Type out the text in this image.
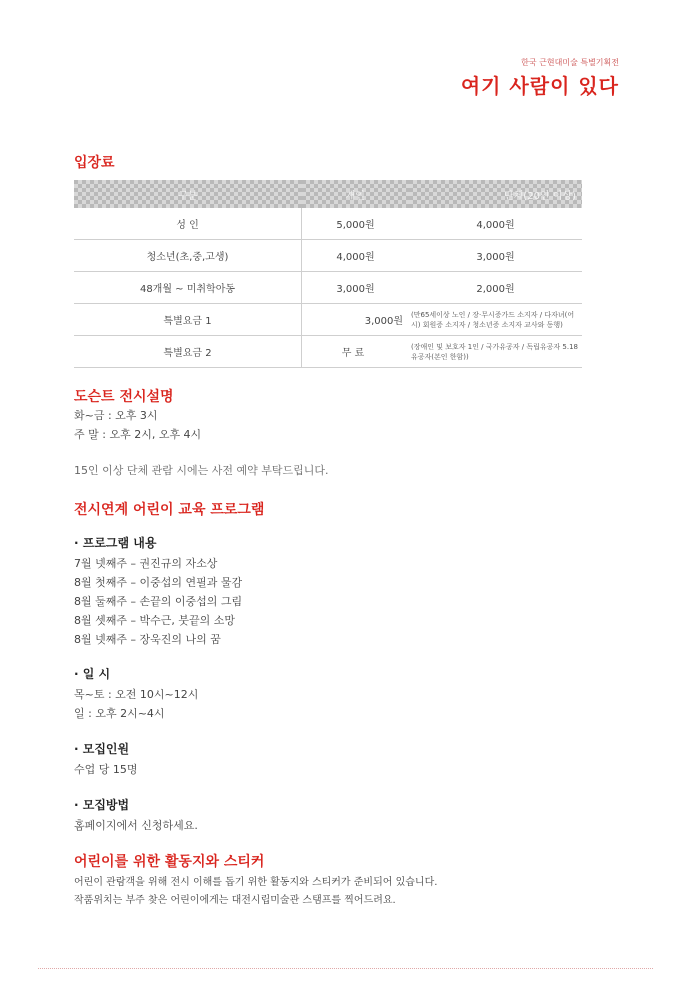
한국 근현대미술 특별기획전
여기 사람이 있다
입장료
구분	개인	단체(20인 이상)
성 인	5,000원	4,000원
청소년(초,중,고생)	4,000원	3,000원
48개월 ~ 미취학아동	3,000원	2,000원
특별요금 1	3,000원	(만65세이상 노인 / 장·무시증가드 소지자 / 다자녀(어시) 회원증 소지자 / 청소년증 소지자 교사와 동행)
특별요금 2	무 료	(장애인 및 보호자 1인 / 국가유공자 / 독립유공자 5.18 유공자(본인 한함))
도슨트 전시설명
화~금 : 오후 3시
주 말 : 오후 2시, 오후 4시
15인 이상 단체 관람 시에는 사전 예약 부탁드립니다.
전시연계 어린이 교육 프로그램
· 프로그램 내용
7월 넷째주 – 권진규의 자소상
8월 첫째주 – 이중섭의 연필과 물감
8월 둘째주 – 손끝의 이중섭의 그림
8월 셋째주 – 박수근, 붓끝의 소망
8월 넷째주 – 장욱진의 나의 꿈
· 일 시
목~토 : 오전 10시~12시
일 : 오후 2시~4시
· 모집인원
수업 당 15명
· 모집방법
홈페이지에서 신청하세요.
어린이를 위한 활동지와 스티커
어린이 관람객을 위해 전시 이해를 돕기 위한 활동지와 스티커가 준비되어 있습니다.
작품위치는 부주 찾은 어린이에게는 대전시립미술관 스탬프를 찍어드려요.
